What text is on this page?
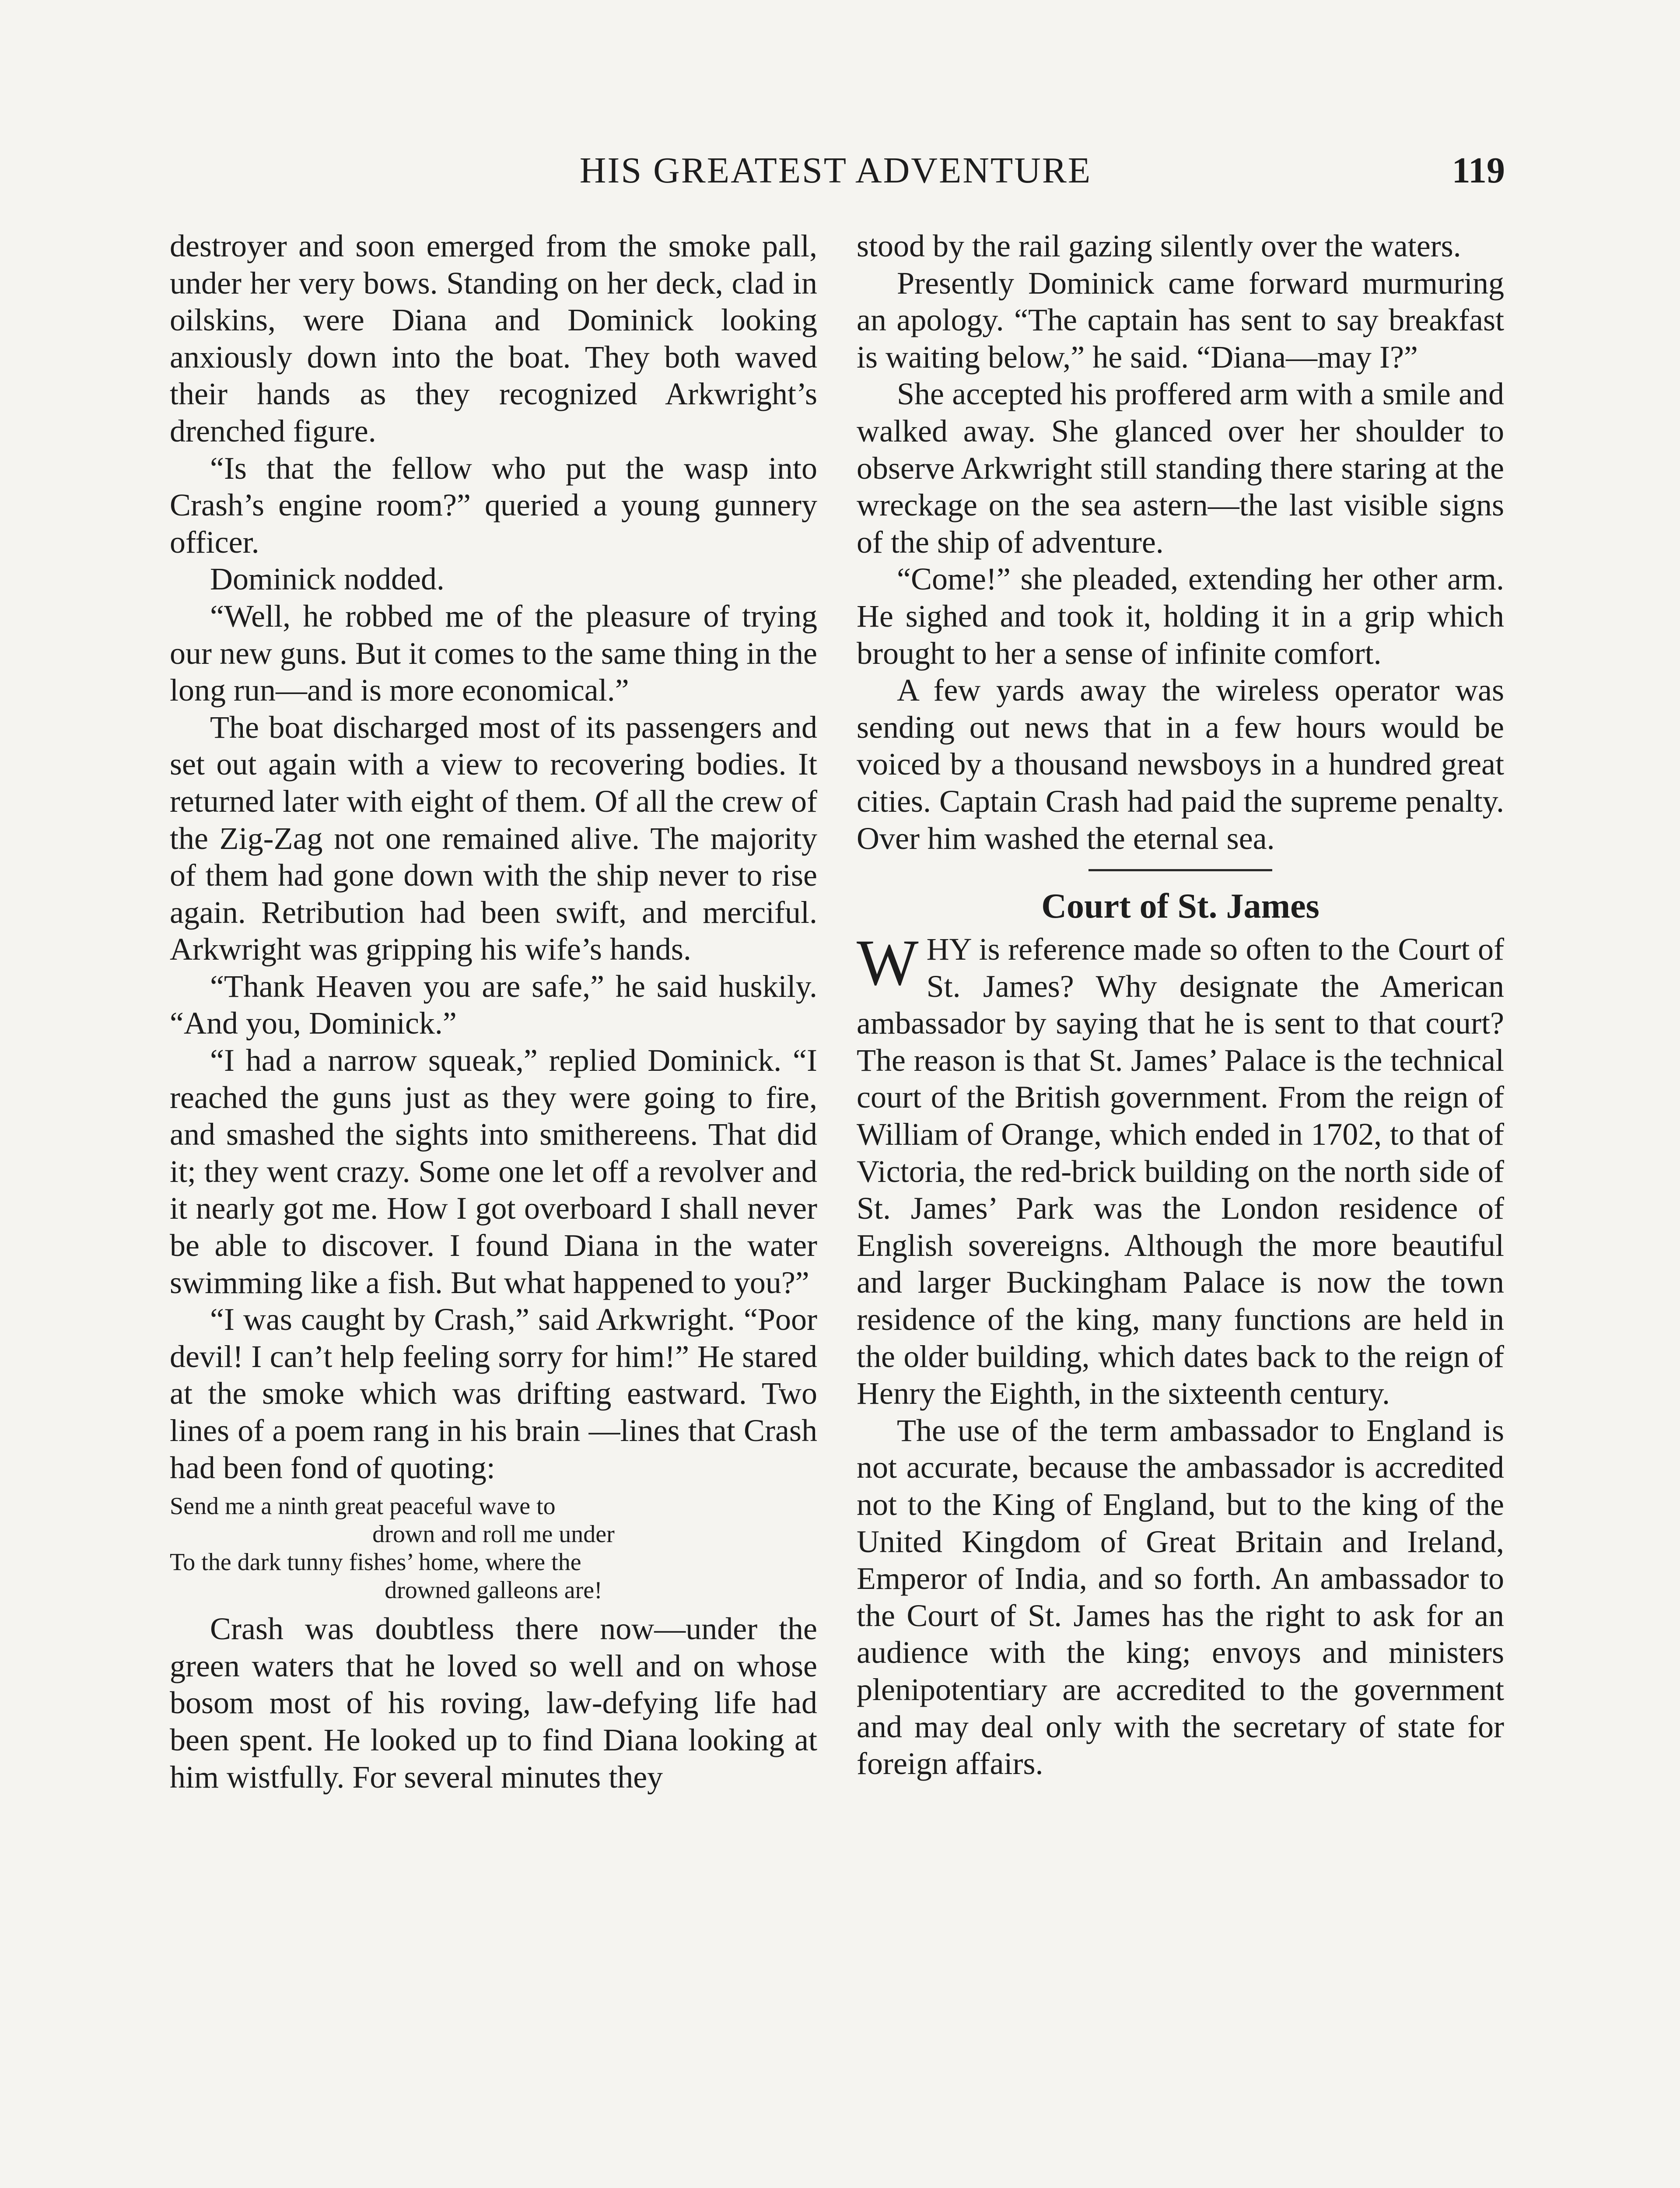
HIS GREATEST ADVENTURE	119

destroyer and soon emerged from the smoke pall, under her very bows. Standing on her deck, clad in oilskins, were Diana and Dominick looking anxiously down into the boat. They both waved their hands as they recognized Arkwright’s drenched figure.

“Is that the fellow who put the wasp into Crash’s engine room?” queried a young gunnery officer.

Dominick nodded.

“Well, he robbed me of the pleasure of trying our new guns. But it comes to the same thing in the long run—and is more economical.”

The boat discharged most of its passengers and set out again with a view to recovering bodies. It returned later with eight of them. Of all the crew of the Zig-Zag not one remained alive. The majority of them had gone down with the ship never to rise again. Retribution had been swift, and merciful. Arkwright was gripping his wife’s hands.

“Thank Heaven you are safe,” he said huskily. “And you, Dominick.”

“I had a narrow squeak,” replied Dominick. “I reached the guns just as they were going to fire, and smashed the sights into smithereens. That did it; they went crazy. Some one let off a revolver and it nearly got me. How I got overboard I shall never be able to discover. I found Diana in the water swimming like a fish. But what happened to you?”

“I was caught by Crash,” said Arkwright. “Poor devil! I can’t help feeling sorry for him!” He stared at the smoke which was drifting eastward. Two lines of a poem rang in his brain —lines that Crash had been fond of quoting:

Send me a ninth great peaceful wave to
drown and roll me under
To the dark tunny fishes’ home, where the
drowned galleons are!

Crash was doubtless there now—under the green waters that he loved so well and on whose bosom most of his roving, law-defying life had been spent. He looked up to find Diana looking at him wistfully. For several minutes they

stood by the rail gazing silently over the waters.

Presently Dominick came forward murmuring an apology. “The captain has sent to say breakfast is waiting below,” he said. “Diana—may I?”

She accepted his proffered arm with a smile and walked away. She glanced over her shoulder to observe Arkwright still standing there staring at the wreckage on the sea astern—the last visible signs of the ship of adventure.

“Come!” she pleaded, extending her other arm. He sighed and took it, holding it in a grip which brought to her a sense of infinite comfort.

A few yards away the wireless operator was sending out news that in a few hours would be voiced by a thousand newsboys in a hundred great cities. Captain Crash had paid the supreme penalty. Over him washed the eternal sea.

Court of St. James

WHY is reference made so often to the Court of St. James? Why designate the American ambassador by saying that he is sent to that court? The reason is that St. James’ Palace is the technical court of the British government. From the reign of William of Orange, which ended in 1702, to that of Victoria, the red-brick building on the north side of St. James’ Park was the London residence of English sovereigns. Although the more beautiful and larger Buckingham Palace is now the town residence of the king, many functions are held in the older building, which dates back to the reign of Henry the Eighth, in the sixteenth century.

The use of the term ambassador to England is not accurate, because the ambassador is accredited not to the King of England, but to the king of the United Kingdom of Great Britain and Ireland, Emperor of India, and so forth. An ambassador to the Court of St. James has the right to ask for an audience with the king; envoys and ministers plenipotentiary are accredited to the government and may deal only with the secretary of state for foreign affairs.
